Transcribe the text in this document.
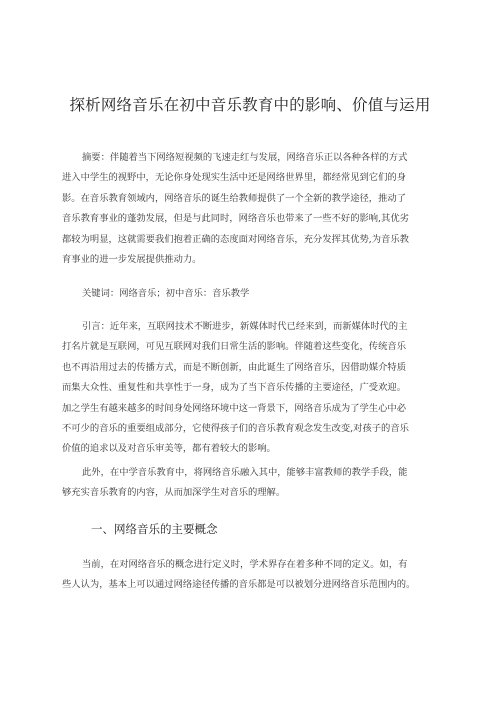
探析网络音乐在初中音乐教育中的影响、价值与运用
摘要：伴随着当下网络短视频的飞速走红与发展，网络音乐正以各种各样的方式
进入中学生的视野中，无论你身处现实生活中还是网络世界里，都经常见到它们的身
影。在音乐教育领域内，网络音乐的诞生给教师提供了一个全新的教学途径，推动了
音乐教育事业的蓬勃发展，但是与此同时，网络音乐也带来了一些不好的影响,其优劣
都较为明显，这就需要我们抱着正确的态度面对网络音乐，充分发挥其优势,为音乐教
育事业的进一步发展提供推动力。
关键词：网络音乐；初中音乐：音乐教学
引言：近年来，互联网技术不断进步，新媒体时代已经来到，而新媒体时代的主
打名片就是互联网，可见互联网对我们日常生活的影响。伴随着这些变化，传统音乐
也不再沿用过去的传播方式，而是不断创新，由此诞生了网络音乐，因借助媒介特质
而集大众性、重复性和共享性于一身，成为了当下音乐传播的主要途径，广受欢迎。
加之学生有越来越多的时间身处网络环境中这一背景下，网络音乐成为了学生心中必
不可少的音乐的重要组成部分，它使得孩子们的音乐教育观念发生改变,对孩子的音乐
价值的追求以及对音乐审美等，都有着较大的影响。
此外，在中学音乐教育中，将网络音乐融入其中，能够丰富教师的教学手段，能
够充实音乐教育的内容，从而加深学生对音乐的理解。
一、网络音乐的主要概念
当前，在对网络音乐的概念进行定义时，学术界存在着多种不同的定义。如，有
些人认为，基本上可以通过网络途径传播的音乐都是可以被划分进网络音乐范围内的。
